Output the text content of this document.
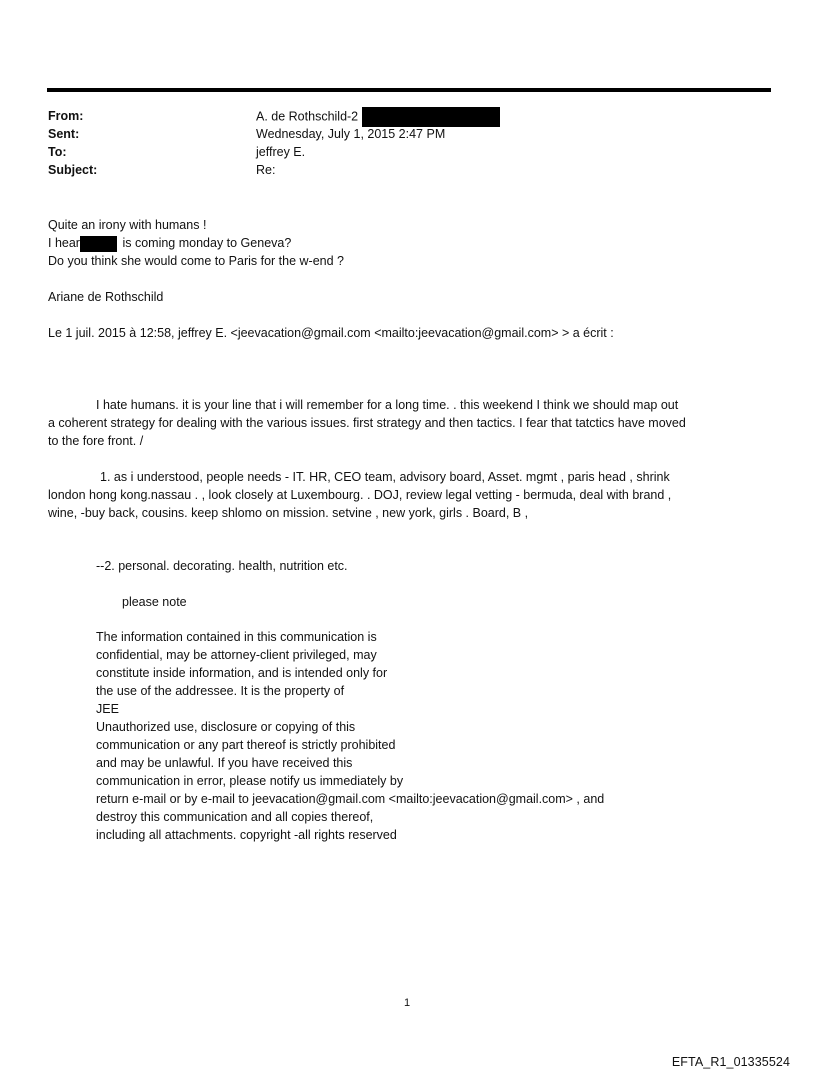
From:	A. de Rothschild-2
Sent:	Wednesday, July 1, 2015 2:47 PM
To:	jeffrey E.
Subject:	Re:
Quite an irony with humans !
I hear	is coming monday to Geneva?
Do you think she would come to Paris for the w-end ?
Ariane de Rothschild
Le 1 juil. 2015 à 12:58, jeffrey E. <jeevacation@gmail.com <mailto:jeevacation@gmail.com> > a écrit :
I hate humans. it is your line that i will remember for a long time. . this weekend I think we should map out
a coherent strategy for dealing with the various issues. first strategy and then tactics. I fear that tatctics have moved
to the fore front. /
1. as i understood, people needs - IT. HR, CEO team, advisory board, Asset. mgmt , paris head , shrink
london hong kong.nassau . , look closely at Luxembourg. . DOJ, review legal vetting - bermuda, deal with brand ,
wine, -buy back, cousins. keep shlomo on mission. setvine , new york, girls . Board, B ,
--2. personal. decorating. health, nutrition etc.
please note
The information contained in this communication is
confidential, may be attorney-client privileged, may
constitute inside information, and is intended only for
the use of the addressee. It is the property of
JEE
Unauthorized use, disclosure or copying of this
communication or any part thereof is strictly prohibited
and may be unlawful. If you have received this
communication in error, please notify us immediately by
return e-mail or by e-mail to jeevacation@gmail.com <mailto:jeevacation@gmail.com> , and
destroy this communication and all copies thereof,
including all attachments. copyright -all rights reserved
1
EFTA_R1_01335524
